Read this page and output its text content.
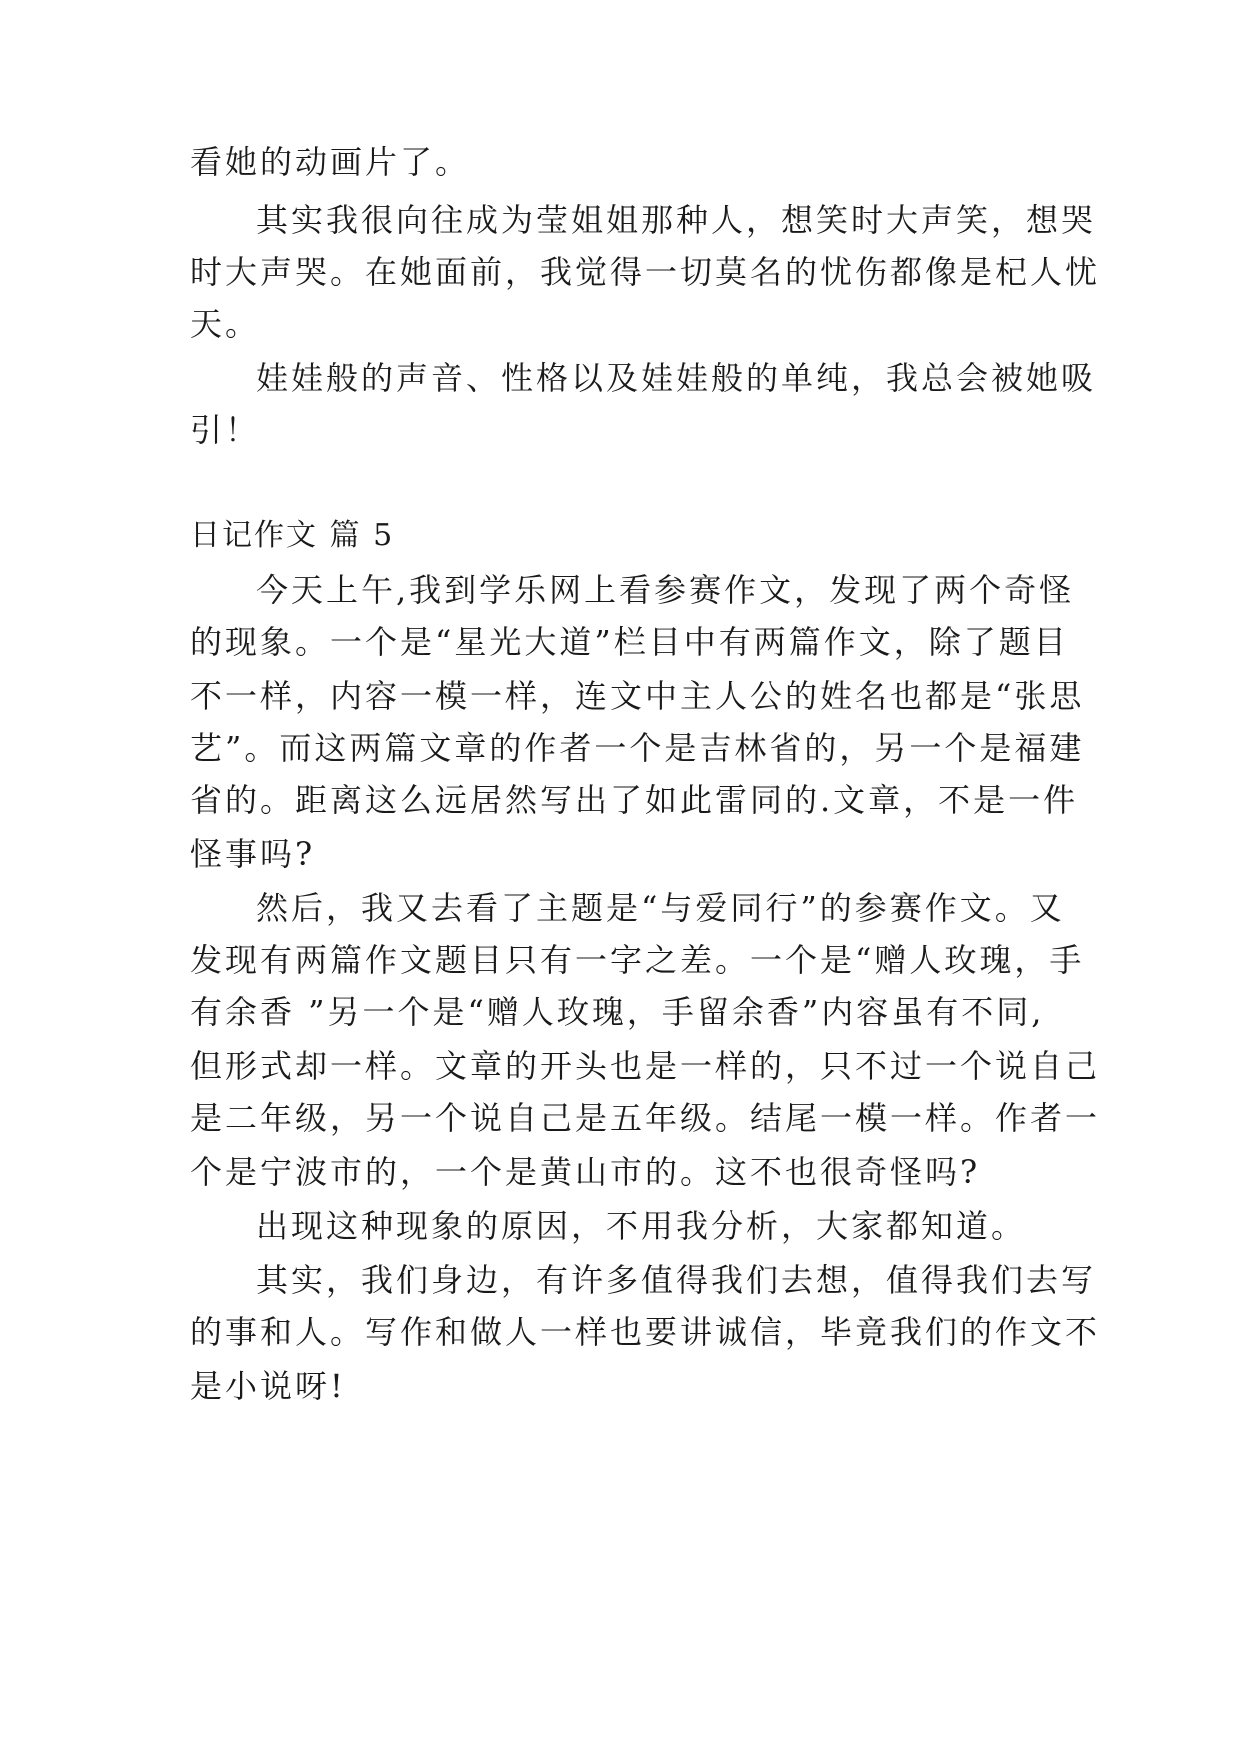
看她的动画片了。
其实我很向往成为莹姐姐那种人，想笑时大声笑，想哭
时大声哭。在她面前，我觉得一切莫名的忧伤都像是杞人忧
天。
娃娃般的声音、性格以及娃娃般的单纯，我总会被她吸
引！
日记作文 篇 5
今天上午,我到学乐网上看参赛作文，发现了两个奇怪
的现象。一个是“星光大道”栏目中有两篇作文，除了题目
不一样，内容一模一样，连文中主人公的姓名也都是“张思
艺”。而这两篇文章的作者一个是吉林省的，另一个是福建
省的。距离这么远居然写出了如此雷同的.文章，不是一件
怪事吗?
然后，我又去看了主题是“与爱同行”的参赛作文。又
发现有两篇作文题目只有一字之差。一个是“赠人玫瑰，手
有余香 ”另一个是“赠人玫瑰，手留余香”内容虽有不同,
但形式却一样。文章的开头也是一样的，只不过一个说自己
是二年级，另一个说自己是五年级。结尾一模一样。作者一
个是宁波市的，一个是黄山市的。这不也很奇怪吗?
出现这种现象的原因，不用我分析，大家都知道。
其实，我们身边，有许多值得我们去想，值得我们去写
的事和人。写作和做人一样也要讲诚信，毕竟我们的作文不
是小说呀!
